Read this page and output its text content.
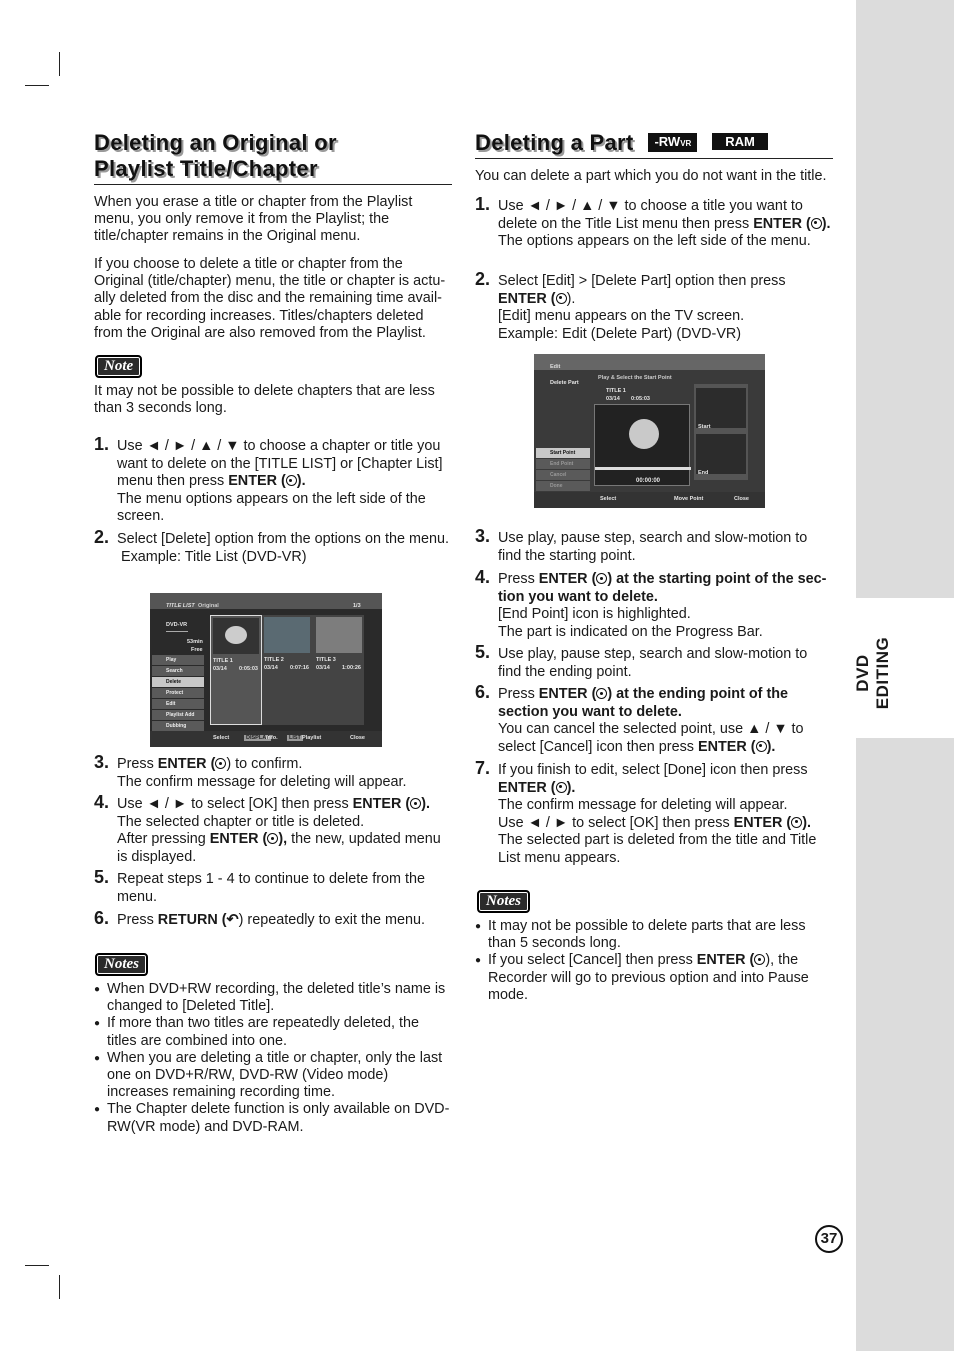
DVD EDITING
Deleting an Original or
Playlist Title/Chapter
When you erase a title or chapter from the Playlist menu, you only remove it from the Playlist; the title/chapter remains in the Original menu.
If you choose to delete a title or chapter from the Original (title/chapter) menu, the title or chapter is actu-ally deleted from the disc and the remaining time avail-able for recording increases. Titles/chapters deleted from the Original are also removed from the Playlist.
Note
It may not be possible to delete chapters that are less than 3 seconds long.
1. Use ◄ / ► / ▲ / ▼ to choose a chapter or title you want to delete on the [TITLE LIST] or [Chapter List] menu then press ENTER ( ).
The menu options appears on the left side of the screen.
2. Select [Delete] option from the options on the menu.
Example: Title List (DVD-VR)
TITLE LIST Original	1/3
DVD-VR
53min
Free
Play
Search
Delete
Protect
Edit
Playlist Add
Dubbing
TITLE 1
03/14 0:05:03
TITLE 2
03/14 0:07:16
TITLE 3
03/14 1:00:26
Select	DISPLAY
Info.	LIST Playlist	Close
3. Press ENTER ( ) to confirm.
The confirm message for deleting will appear.
4. Use ◄ / ► to select [OK] then press ENTER ( ).
The selected chapter or title is deleted.
After pressing ENTER ( ), the new, updated menu is displayed.
5. Repeat steps 1 - 4 to continue to delete from the menu.
6. Press RETURN (↶) repeatedly to exit the menu.
Notes
● When DVD+RW recording, the deleted title’s name is changed to [Deleted Title].
● If more than two titles are repeatedly deleted, the titles are combined into one.
● When you are deleting a title or chapter, only the last one on DVD+R/RW, DVD-RW (Video mode) increases remaining recording time.
● The Chapter delete function is only available on DVD-RW(VR mode) and DVD-RAM.
Deleting a Part -RWVR	RAM
You can delete a part which you do not want in the title.
1. Use ◄ / ► / ▲ / ▼ to choose a title you want to delete on the Title List menu then press ENTER ( ).
The options appears on the left side of the menu.
2. Select [Edit] > [Delete Part] option then press ENTER ( ).
[Edit] menu appears on the TV screen.
Example: Edit (Delete Part) (DVD-VR)
Edit
Delete Part
Play & Select the Start Point
TITLE 1
03/14 0:05:03
00:00:00
Start
End
Start Point
End Point
Cancel
Done
Select	Move Point	Close
3. Use play, pause step, search and slow-motion to find the starting point.
4. Press ENTER ( ) at the starting point of the sec-tion you want to delete.
[End Point] icon is highlighted.
The part is indicated on the Progress Bar.
5. Use play, pause step, search and slow-motion to find the ending point.
6. Press ENTER ( ) at the ending point of the section you want to delete.
You can cancel the selected point, use ▲ / ▼ to select [Cancel] icon then press ENTER ( ).
7. If you finish to edit, select [Done] icon then press ENTER ( ).
The confirm message for deleting will appear.
Use ◄ / ► to select [OK] then press ENTER ( ).
The selected part is deleted from the title and Title List menu appears.
Notes
● It may not be possible to delete parts that are less than 5 seconds long.
● If you select [Cancel] then press ENTER ( ), the Recorder will go to previous option and into Pause mode.
37
